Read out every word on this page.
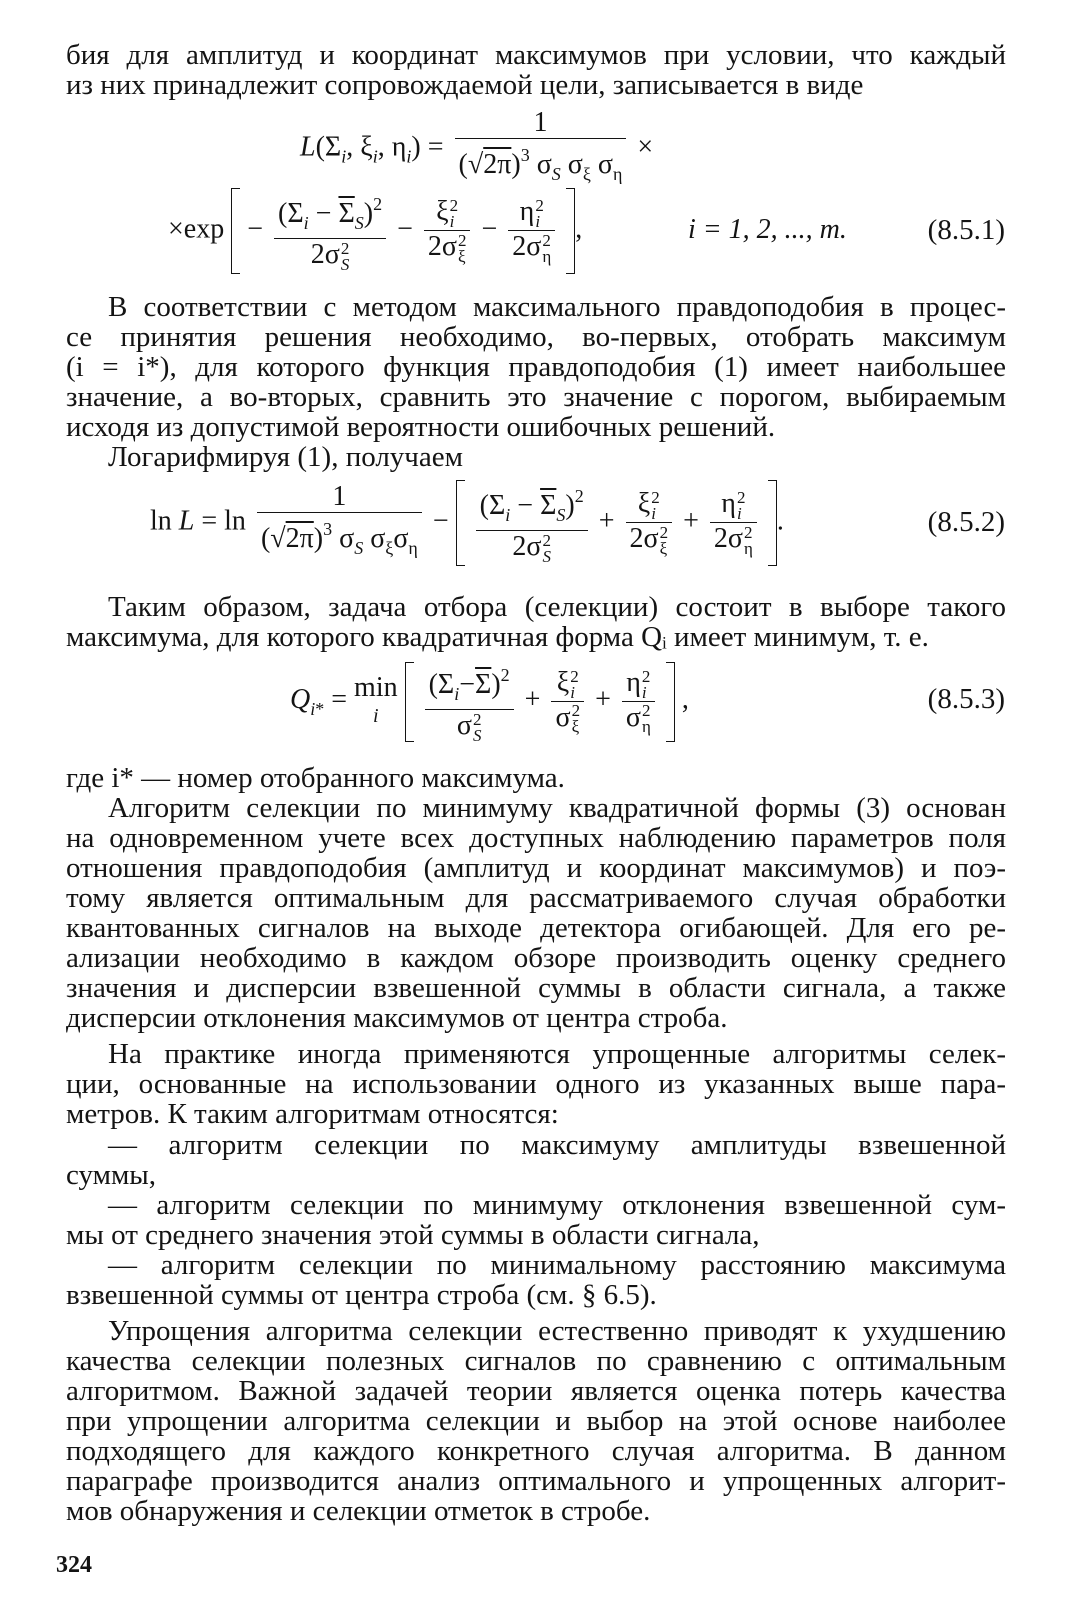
бия для амплитуд и координат максимумов при условии, что каждый
из них принадлежит сопровождаемой цели, записывается в виде
$L(\Sigma_i$, $\xi_i$, $\eta_i) = \frac{1}{(√2\pi)^3 \sigma_S \sigma_\xi \sigma_\eta}$ ×
$\times\exp - (\Sigma_i - \overline{\Sigma}_S)^2$
2σ 2
S − ξ 2
i
2σ 2
ξ − η 2
i
2σ 2
η ,	i = 1, 2, ..., m.	(8.5.1)
В соответствии с методом максимального правдоподобия в процес-
се принятия решения необходимо, во-первых, отобрать максимум
(i = i*), для которого функция правдоподобия (1) имеет наибольшее
значение, а во-вторых, сравнить это значение с порогом, выбираемым
исходя из допустимой вероятности ошибочных решений.
Логарифмируя (1), получаем
$\ln L = \ln \frac{1}{(√2\pi)^3 \sigma_S \sigma_\xi\sigma_\eta} - (\Sigma_i - \overline{\Sigma}_S)^2$
2σ 2
S + ξ 2
i
2σ 2
ξ + η 2
i
2σ 2
η .	(8.5.2)
Таким образом, задача отбора (селекции) состоит в выборе такого
максимума, для которого квадратичная форма Qᵢ имеет минимум, т. е.
$Q_{i*} = \min$
i $(\Sigma_i-\overline{\Sigma})^2$
σ 2
S + ξ 2
i
σ 2
ξ + η 2
i
σ 2
η ,	(8.5.3)
где i* — номер отобранного максимума.
Алгоритм селекции по минимуму квадратичной формы (3) основан
на одновременном учете всех доступных наблюдению параметров поля
отношения правдоподобия (амплитуд и координат максимумов) и поэ-
тому является оптимальным для рассматриваемого случая обработки
квантованных сигналов на выходе детектора огибающей. Для его ре-
ализации необходимо в каждом обзоре производить оценку среднего
значения и дисперсии взвешенной суммы в области сигнала, а также
дисперсии отклонения максимумов от центра строба.
На практике иногда применяются упрощенные алгоритмы селек-
ции, основанные на использовании одного из указанных выше пара-
метров. К таким алгоритмам относятся:
— алгоритм селекции по максимуму амплитуды взвешенной
суммы,
— алгоритм селекции по минимуму отклонения взвешенной сум-
мы от среднего значения этой суммы в области сигнала,
— алгоритм селекции по минимальному расстоянию максимума
взвешенной суммы от центра строба (см. § 6.5).
Упрощения алгоритма селекции естественно приводят к ухудшению
качества селекции полезных сигналов по сравнению с оптимальным
алгоритмом. Важной задачей теории является оценка потерь качества
при упрощении алгоритма селекции и выбор на этой основе наиболее
подходящего для каждого конкретного случая алгоритма. В данном
параграфе производится анализ оптимального и упрощенных алгорит-
мов обнаружения и селекции отметок в стробе.
324
